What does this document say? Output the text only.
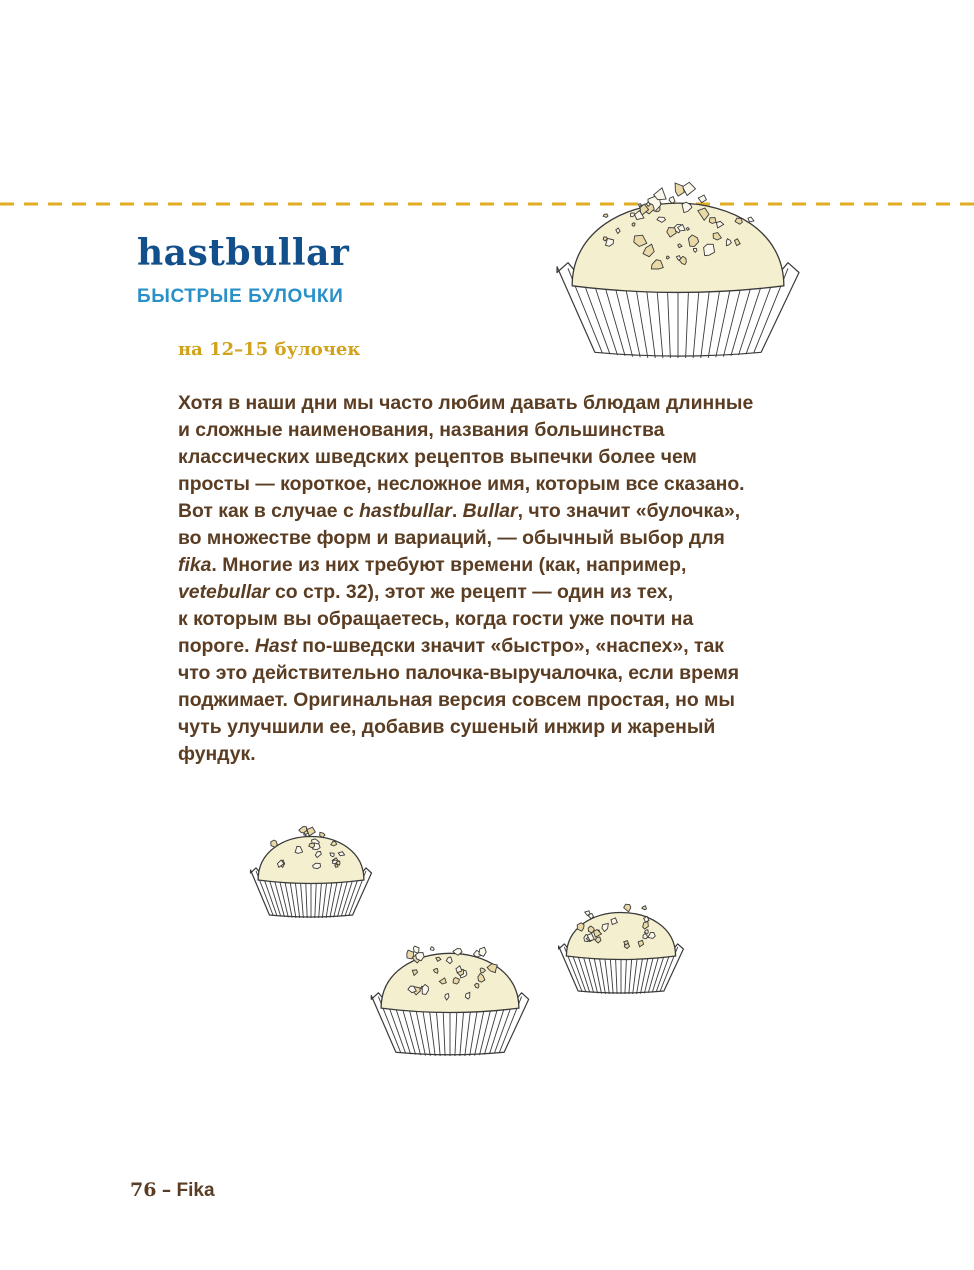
hastbullar
БЫСТРЫЕ БУЛОЧКИ
на 12–15 булочек
Хотя в наши дни мы часто любим давать блюдам длинные
и сложные наименования, названия большинства
классических шведских рецептов выпечки более чем
просты — короткое, несложное имя, которым все сказано.
Вот как в случае с hastbullar. Bullar, что значит «булочка»,
во множестве форм и вариаций, — обычный выбор для
fika. Многие из них требуют времени (как, например,
vetebullar со стр. 32), этот же рецепт — один из тех,
к которым вы обращаетесь, когда гости уже почти на
пороге. Hast по-шведски значит «быстро», «наспех», так
что это действительно палочка-выручалочка, если время
поджимает. Оригинальная версия совсем простая, но мы
чуть улучшили ее, добавив сушеный инжир и жареный
фундук.
76 – Fika
